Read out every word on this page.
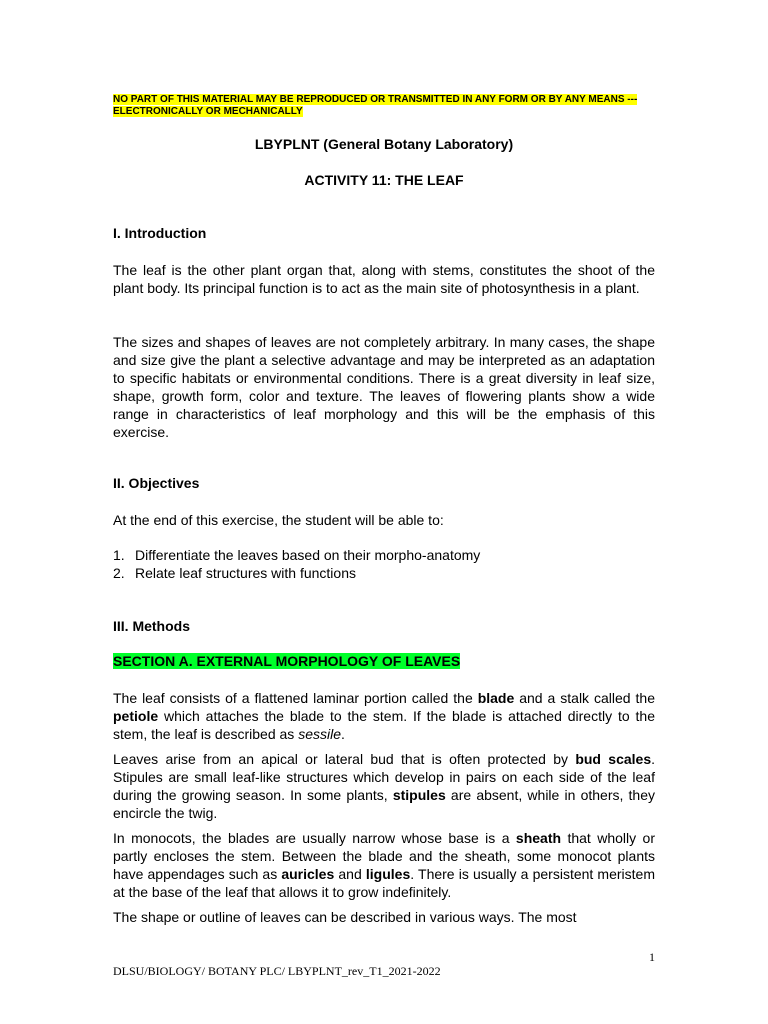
NO PART OF THIS MATERIAL MAY BE REPRODUCED OR TRANSMITTED IN ANY FORM OR BY ANY MEANS --- ELECTRONICALLY OR MECHANICALLY
LBYPLNT (General Botany Laboratory)
ACTIVITY 11: THE LEAF
I. Introduction
The leaf is the other plant organ that, along with stems, constitutes the shoot of the plant body. Its principal function is to act as the main site of photosynthesis in a plant.
The sizes and shapes of leaves are not completely arbitrary. In many cases, the shape and size give the plant a selective advantage and may be interpreted as an adaptation to specific habitats or environmental conditions. There is a great diversity in leaf size, shape, growth form, color and texture. The leaves of flowering plants show a wide range in characteristics of leaf morphology and this will be the emphasis of this exercise.
II. Objectives
At the end of this exercise, the student will be able to:
1. Differentiate the leaves based on their morpho-anatomy
2. Relate leaf structures with functions
III. Methods
SECTION A. EXTERNAL MORPHOLOGY OF LEAVES
The leaf consists of a flattened laminar portion called the blade and a stalk called the petiole which attaches the blade to the stem. If the blade is attached directly to the stem, the leaf is described as sessile.
Leaves arise from an apical or lateral bud that is often protected by bud scales. Stipules are small leaf-like structures which develop in pairs on each side of the leaf during the growing season. In some plants, stipules are absent, while in others, they encircle the twig.
In monocots, the blades are usually narrow whose base is a sheath that wholly or partly encloses the stem. Between the blade and the sheath, some monocot plants have appendages such as auricles and ligules. There is usually a persistent meristem at the base of the leaf that allows it to grow indefinitely.
The shape or outline of leaves can be described in various ways. The most
1
DLSU/BIOLOGY/ BOTANY PLC/ LBYPLNT_rev_T1_2021-2022
